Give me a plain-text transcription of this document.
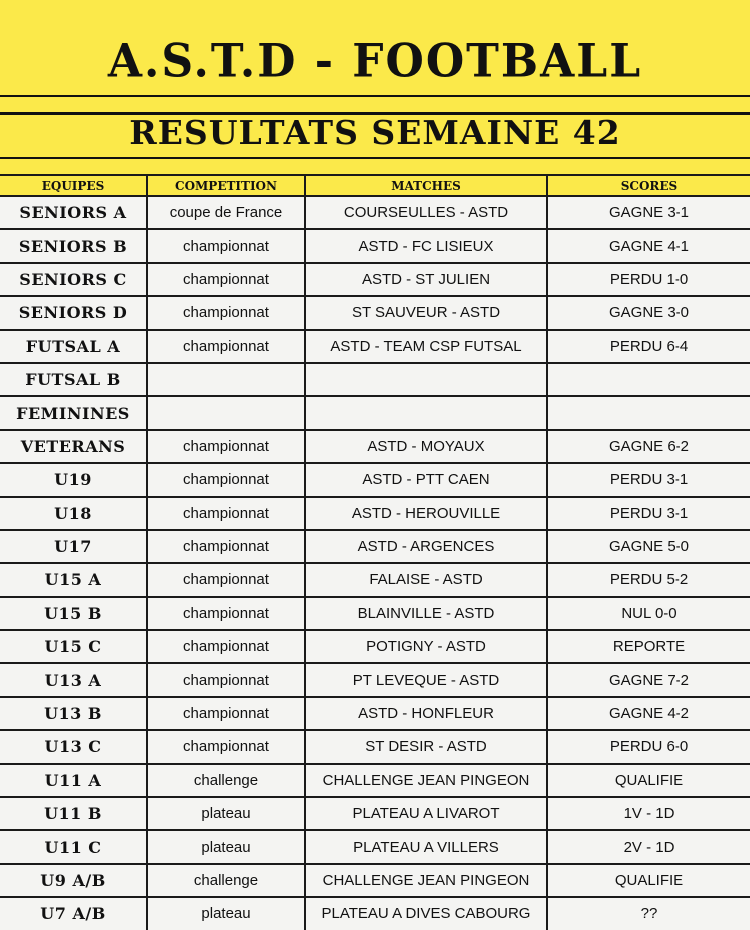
A.S.T.D - FOOTBALL
RESULTATS SEMAINE 42
EQUIPES	COMPETITION	MATCHES	SCORES
SENIORS A	coupe de France	COURSEULLES - ASTD	GAGNE 3-1
SENIORS B	championnat	ASTD - FC LISIEUX	GAGNE 4-1
SENIORS C	championnat	ASTD - ST JULIEN	PERDU 1-0
SENIORS D	championnat	ST SAUVEUR - ASTD	GAGNE 3-0
FUTSAL A	championnat	ASTD - TEAM CSP FUTSAL	PERDU 6-4
FUTSAL B			
FEMININES			
VETERANS	championnat	ASTD - MOYAUX	GAGNE 6-2
U19	championnat	ASTD - PTT CAEN	PERDU 3-1
U18	championnat	ASTD - HEROUVILLE	PERDU 3-1
U17	championnat	ASTD - ARGENCES	GAGNE 5-0
U15 A	championnat	FALAISE - ASTD	PERDU 5-2
U15 B	championnat	BLAINVILLE - ASTD	NUL 0-0
U15 C	championnat	POTIGNY - ASTD	REPORTE
U13 A	championnat	PT LEVEQUE - ASTD	GAGNE 7-2
U13 B	championnat	ASTD - HONFLEUR	GAGNE 4-2
U13 C	championnat	ST DESIR - ASTD	PERDU 6-0
U11 A	challenge	CHALLENGE JEAN PINGEON	QUALIFIE
U11 B	plateau	PLATEAU A LIVAROT	1V - 1D
U11 C	plateau	PLATEAU A VILLERS	2V - 1D
U9 A/B	challenge	CHALLENGE JEAN PINGEON	QUALIFIE
U7 A/B	plateau	PLATEAU A DIVES CABOURG	??
